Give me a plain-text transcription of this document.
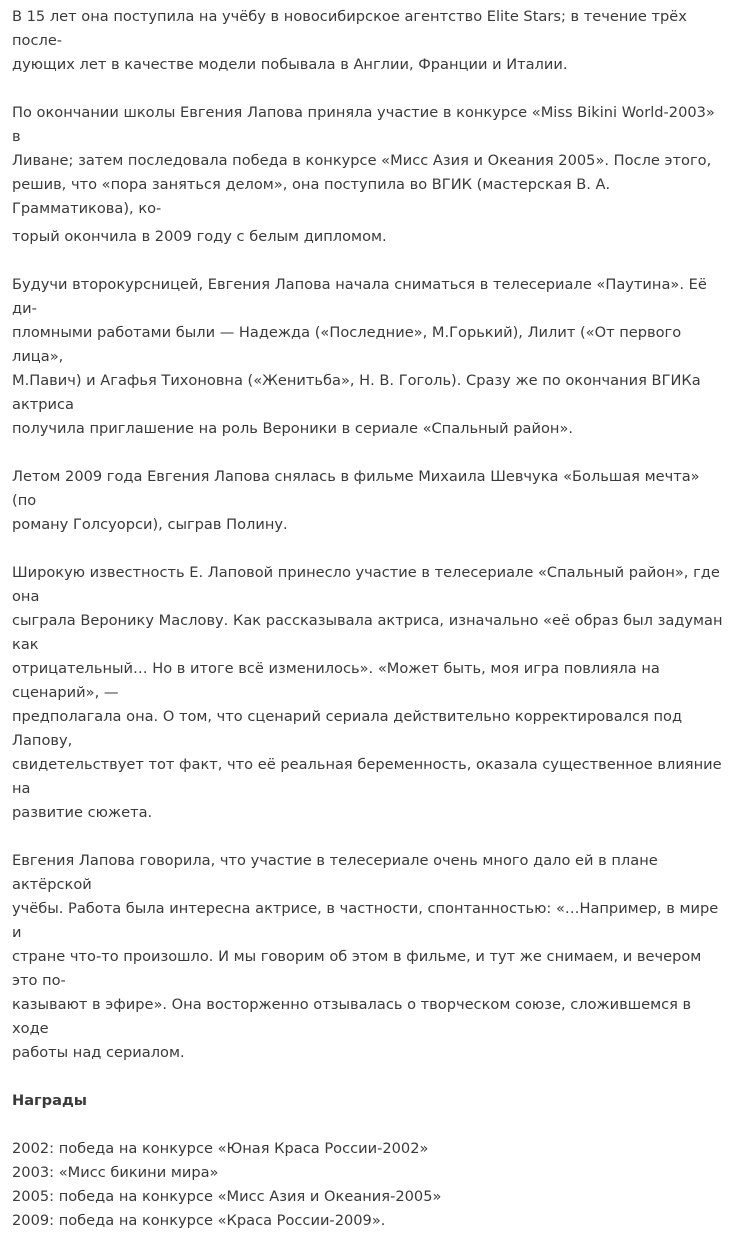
В 15 лет она поступила на учёбу в новосибирское агентство Elite Stars; в течение трёх после-
дующих лет в качестве модели побывала в Англии, Франции и Италии.

По окончании школы Евгения Лапова приняла участие в конкурсе «Miss Bikini World-2003» в
Ливане; затем последовала победа в конкурсе «Мисс Азия и Океания 2005». После этого,
решив, что «пора заняться делом», она поступила во ВГИК (мастерская В. А. Грамматикова), ко-
торый окончила в 2009 году с белым дипломом.

Будучи второкурсницей, Евгения Лапова начала сниматься в телесериале «Паутина». Её ди-
пломными работами были — Надежда («Последние», М.Горький), Лилит («От первого лица»,
М.Павич) и Агафья Тихоновна («Женитьба», Н. В. Гоголь). Сразу же по окончания ВГИКа актриса
получила приглашение на роль Вероники в сериале «Спальный район».

Летом 2009 года Евгения Лапова снялась в фильме Михаила Шевчука «Большая мечта» (по
роману Голсуорси), сыграв Полину.

Широкую известность Е. Лаповой принесло участие в телесериале «Спальный район», где она
сыграла Веронику Маслову. Как рассказывала актриса, изначально «её образ был задуман как
отрицательный… Но в итоге всё изменилось». «Может быть, моя игра повлияла на сценарий», —
предполагала она. О том, что сценарий сериала действительно корректировался под Лапову,
свидетельствует тот факт, что её реальная беременность, оказала существенное влияние на
развитие сюжета.

Евгения Лапова говорила, что участие в телесериале очень много дало ей в плане актёрской
учёбы. Работа была интересна актрисе, в частности, спонтанностью: «…Например, в мире и
стране что-то произошло. И мы говорим об этом в фильме, и тут же снимаем, и вечером это по-
казывают в эфире». Она восторженно отзывалась о творческом союзе, сложившемся в ходе
работы над сериалом.

Награды
2002: победа на конкурсе «Юная Краса России-2002»
2003: «Мисс бикини мира»
2005: победа на конкурсе «Мисс Азия и Океания-2005»
2009: победа на конкурсе «Краса России-2009».
